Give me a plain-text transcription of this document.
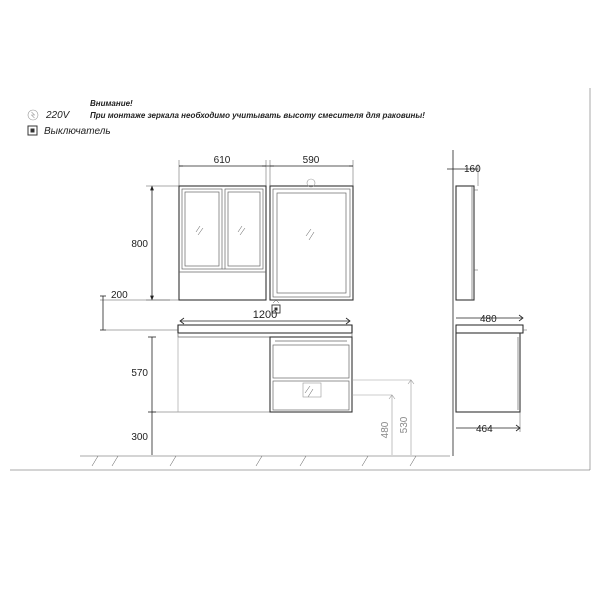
Внимание!
При монтаже зеркала необходимо учитывать высоту смесителя для раковины!
220V
Выключатель
610	590
800
200
1200
570
300	480 530
160
480
464
